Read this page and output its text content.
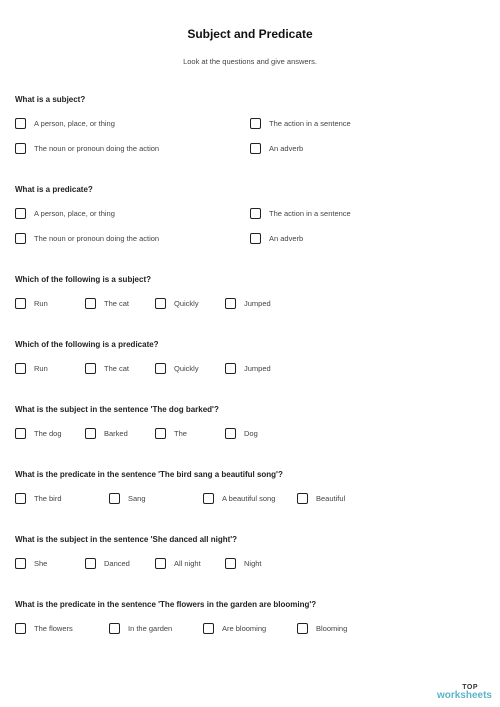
Subject and Predicate
Look at the questions and give answers.
What is a subject?
A person, place, or thing	The action in a sentence
The noun or pronoun doing the action	An adverb
What is a predicate?
A person, place, or thing	The action in a sentence
The noun or pronoun doing the action	An adverb
Which of the following is a subject?
Run	The cat	Quickly	Jumped
Which of the following is a predicate?
Run	The cat	Quickly	Jumped
What is the subject in the sentence 'The dog barked'?
The dog	Barked	The	Dog
What is the predicate in the sentence 'The bird sang a beautiful song'?
The bird	Sang	A beautiful song	Beautiful
What is the subject in the sentence 'She danced all night'?
She	Danced	All night	Night
What is the predicate in the sentence 'The flowers in the garden are blooming'?
The flowers	In the garden	Are blooming	Blooming
TOP
worksheets
